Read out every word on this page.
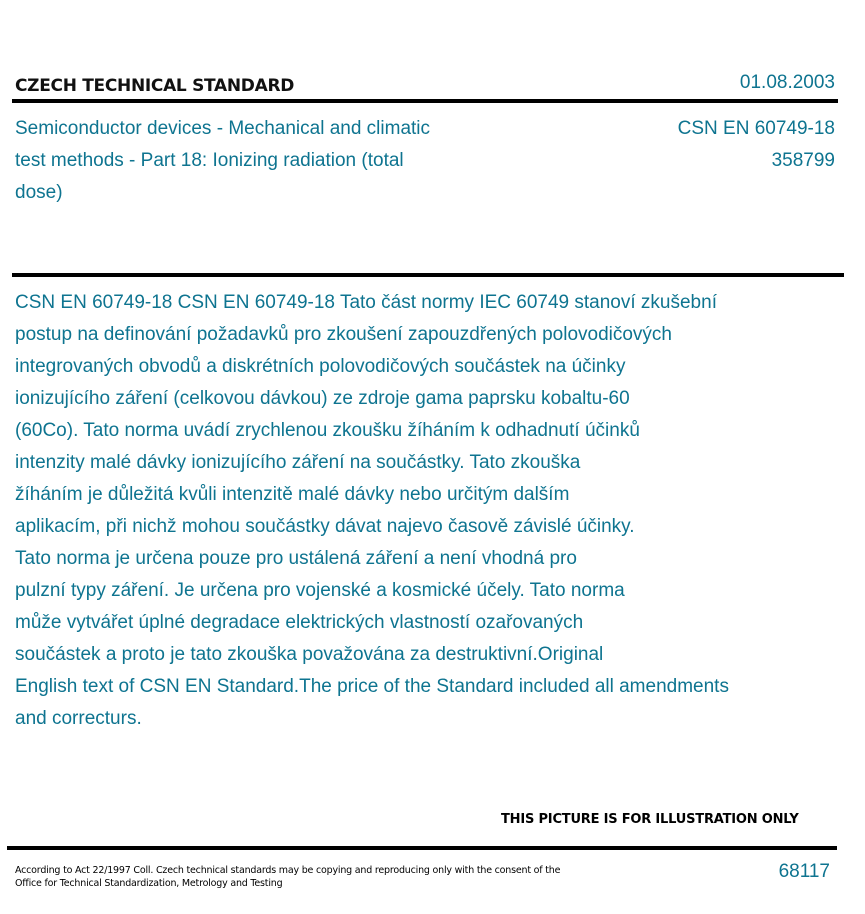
CZECH TECHNICAL STANDARD	01.08.2003
Semiconductor devices - Mechanical and climatic test methods - Part 18: Ionizing radiation (total dose)
CSN EN 60749-18
358799
CSN EN 60749-18 CSN EN 60749-18 Tato část normy IEC 60749 stanoví zkušební
postup na definování požadavků pro zkoušení zapouzdřených polovodičových
integrovaných obvodů a diskrétních polovodičových součástek na účinky
ionizujícího záření (celkovou dávkou) ze zdroje gama paprsku kobaltu-60
(60Co). Tato norma uvádí zrychlenou zkoušku žíháním k odhadnutí účinků
intenzity malé dávky ionizujícího záření na součástky. Tato zkouška
žíháním je důležitá kvůli intenzitě malé dávky nebo určitým dalším
aplikacím, při nichž mohou součástky dávat najevo časově závislé účinky.
Tato norma je určena pouze pro ustálená záření a není vhodná pro
pulzní typy záření. Je určena pro vojenské a kosmické účely. Tato norma
může vytvářet úplné degradace elektrických vlastností ozařovaných
součástek a proto je tato zkouška považována za destruktivní.Original
English text of CSN EN Standard.The price of the Standard included all amendments
and correcturs.
THIS PICTURE IS FOR ILLUSTRATION ONLY
According to Act 22/1997 Coll. Czech technical standards may be copying and reproducing only with the consent of the Office for Technical Standardization, Metrology and Testing
68117
